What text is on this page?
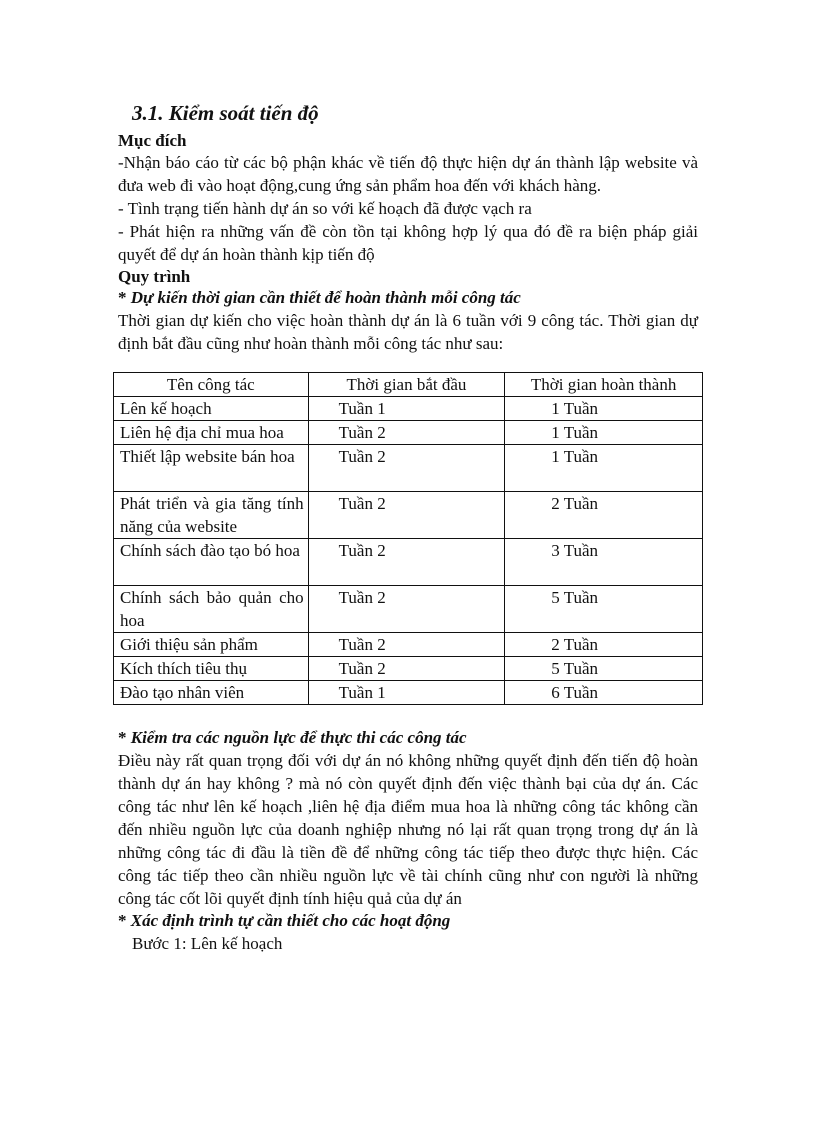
3.1. Kiểm soát tiến độ
Mục đích

-Nhận báo cáo từ các bộ phận khác về tiến độ thực hiện dự án thành lập website và đưa web đi vào hoạt động,cung ứng sản phẩm hoa đến với khách hàng.

- Tình trạng tiến hành dự án so với kế hoạch đã được vạch ra

- Phát hiện ra những vấn đề còn tồn tại không hợp lý qua đó đề ra biện pháp giải quyết để dự án hoàn thành kịp tiến độ

Quy trình
* Dự kiến thời gian cần thiết để hoàn thành mỗi công tác

Thời gian dự kiến cho việc hoàn thành dự án là 6 tuần với 9 công tác. Thời gian dự định bắt đầu cũng như hoàn thành mỗi công tác như sau:

Tên công tác	Thời gian bắt đầu	Thời gian hoàn thành
Lên kế hoạch	Tuần 1	1 Tuần
Liên hệ địa chỉ mua hoa	Tuần 2	1 Tuần
Thiết lập website bán hoa	Tuần 2	1 Tuần
Phát triển và gia tăng tính năng của website	Tuần 2	2 Tuần
Chính sách đào tạo bó hoa	Tuần 2	3 Tuần
Chính sách bảo quản cho hoa	Tuần 2	5 Tuần
Giới thiệu sản phẩm	Tuần 2	2 Tuần
Kích thích tiêu thụ	Tuần 2	5 Tuần
Đào tạo nhân viên	Tuần 1	6 Tuần
* Kiểm tra các nguồn lực để thực thi các công tác

Điều này rất quan trọng đối với dự án nó không những quyết định đến tiến độ hoàn thành dự án hay không ? mà nó còn quyết định đến việc thành bại của dự án. Các công tác như lên kế hoạch ,liên hệ địa điểm mua hoa là những công tác không cần đến nhiều nguồn lực của doanh nghiệp nhưng nó lại rất quan trọng trong dự án là những công tác đi đầu là tiền đề để những công tác tiếp theo được thực hiện. Các công tác tiếp theo cần nhiều nguồn lực về tài chính cũng như con người là những công tác cốt lõi quyết định tính hiệu quả của dự án

* Xác định trình tự cần thiết cho các hoạt động

Bước 1: Lên kế hoạch
